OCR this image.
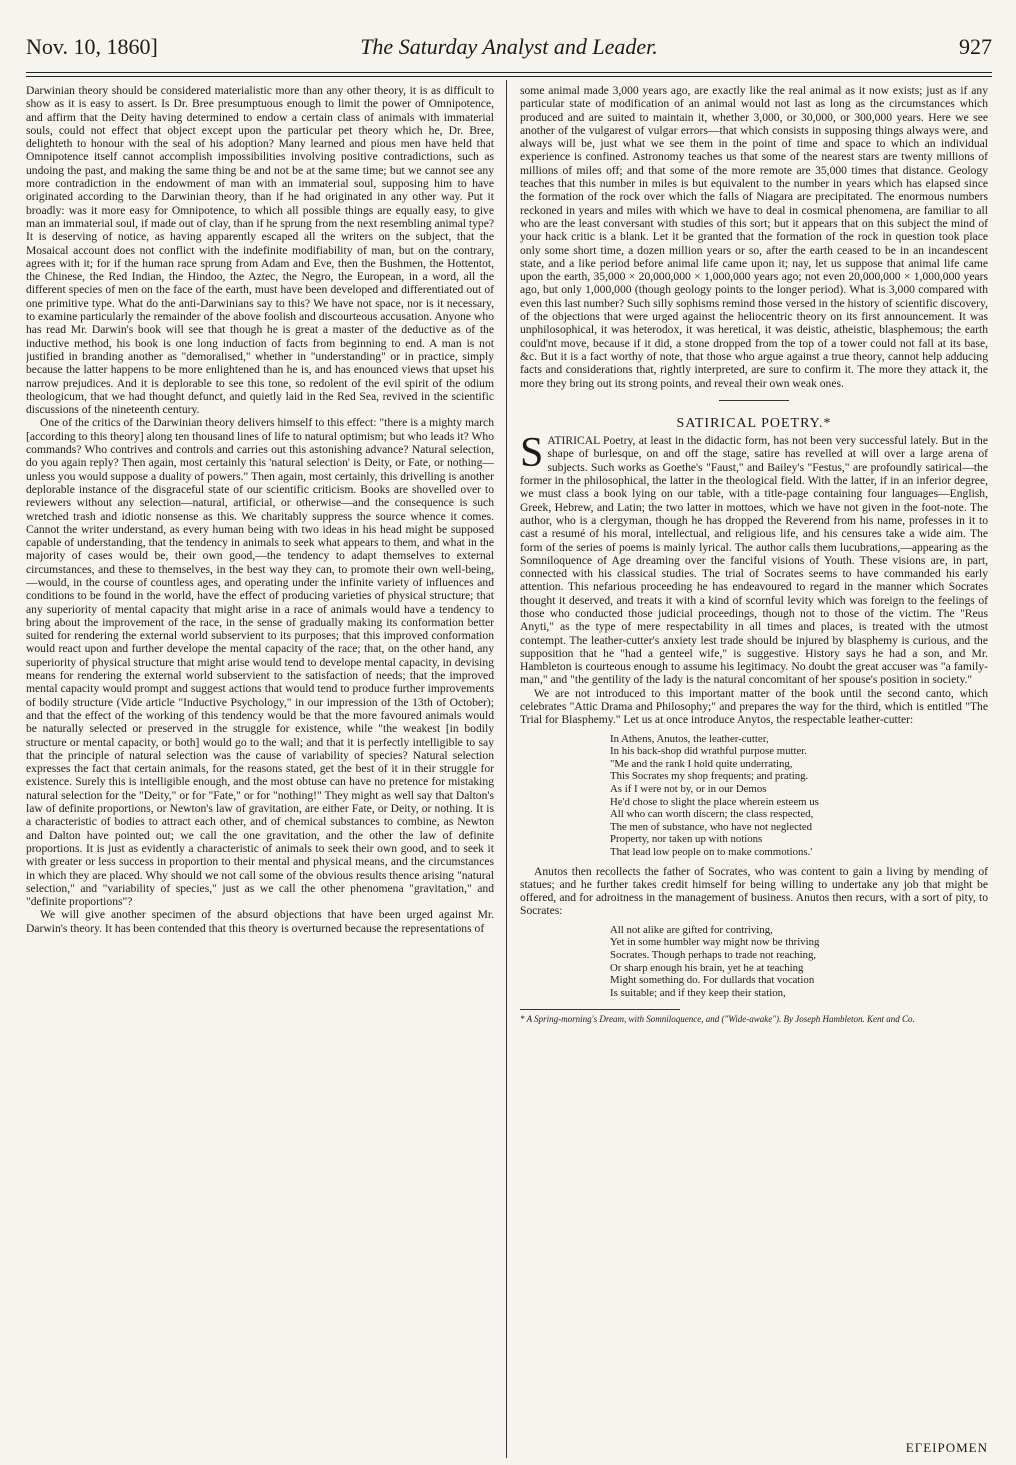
Nov. 10, 1860]	The Saturday Analyst and Leader.	927

Darwinian theory should be considered materialistic more than any other theory, it is as difficult to show as it is easy to assert. Is Dr. Bree presumptuous enough to limit the power of Omnipotence, and affirm that the Deity having determined to endow a certain class of animals with immaterial souls, could not effect that object except upon the particular pet theory which he, Dr. Bree, delighteth to honour with the seal of his adoption? Many learned and pious men have held that Omnipotence itself cannot accomplish impossibilities involving positive contradictions, such as undoing the past, and making the same thing be and not be at the same time; but we cannot see any more contradiction in the endowment of man with an immaterial soul, supposing him to have originated according to the Darwinian theory, than if he had originated in any other way. Put it broadly: was it more easy for Omnipotence, to which all possible things are equally easy, to give man an immaterial soul, if made out of clay, than if he sprung from the next resembling animal type? It is deserving of notice, as having apparently escaped all the writers on the subject, that the Mosaical account does not conflict with the indefinite modifiability of man, but on the contrary, agrees with it; for if the human race sprung from Adam and Eve, then the Bushmen, the Hottentot, the Chinese, the Red Indian, the Hindoo, the Aztec, the Negro, the European, in a word, all the different species of men on the face of the earth, must have been developed and differentiated out of one primitive type. What do the anti-Darwinians say to this? We have not space, nor is it necessary, to examine particularly the remainder of the above foolish and discourteous accusation. Anyone who has read Mr. Darwin's book will see that though he is great a master of the deductive as of the inductive method, his book is one long induction of facts from beginning to end. A man is not justified in branding another as "demoralised," whether in "understanding" or in practice, simply because the latter happens to be more enlightened than he is, and has enounced views that upset his narrow prejudices. And it is deplorable to see this tone, so redolent of the evil spirit of the odium theologicum, that we had thought defunct, and quietly laid in the Red Sea, revived in the scientific discussions of the nineteenth century.

One of the critics of the Darwinian theory delivers himself to this effect: "there is a mighty march [according to this theory] along ten thousand lines of life to natural optimism; but who leads it? Who commands? Who contrives and controls and carries out this astonishing advance? Natural selection, do you again reply? Then again, most certainly this 'natural selection' is Deity, or Fate, or nothing—unless you would suppose a duality of powers." Then again, most certainly, this drivelling is another deplorable instance of the disgraceful state of our scientific criticism. Books are shovelled over to reviewers without any selection—natural, artificial, or otherwise—and the consequence is such wretched trash and idiotic nonsense as this. We charitably suppress the source whence it comes. Cannot the writer understand, as every human being with two ideas in his head might be supposed capable of understanding, that the tendency in animals to seek what appears to them, and what in the majority of cases would be, their own good,—the tendency to adapt themselves to external circumstances, and these to themselves, in the best way they can, to promote their own well-being,—would, in the course of countless ages, and operating under the infinite variety of influences and conditions to be found in the world, have the effect of producing varieties of physical structure; that any superiority of mental capacity that might arise in a race of animals would have a tendency to bring about the improvement of the race, in the sense of gradually making its conformation better suited for rendering the external world subservient to its purposes; that this improved conformation would react upon and further develope the mental capacity of the race; that, on the other hand, any superiority of physical structure that might arise would tend to develope mental capacity, in devising means for rendering the external world subservient to the satisfaction of needs; that the improved mental capacity would prompt and suggest actions that would tend to produce further improvements of bodily structure (Vide article "Inductive Psychology," in our impression of the 13th of October); and that the effect of the working of this tendency would be that the more favoured animals would be naturally selected or preserved in the struggle for existence, while "the weakest [in bodily structure or mental capacity, or both] would go to the wall; and that it is perfectly intelligible to say that the principle of natural selection was the cause of variability of species? Natural selection expresses the fact that certain animals, for the reasons stated, get the best of it in their struggle for existence. Surely this is intelligible enough, and the most obtuse can have no pretence for mistaking natural selection for the "Deity," or for "Fate," or for "nothing!" They might as well say that Dalton's law of definite proportions, or Newton's law of gravitation, are either Fate, or Deity, or nothing. It is a characteristic of bodies to attract each other, and of chemical substances to combine, as Newton and Dalton have pointed out; we call the one gravitation, and the other the law of definite proportions. It is just as evidently a characteristic of animals to seek their own good, and to seek it with greater or less success in proportion to their mental and physical means, and the circumstances in which they are placed. Why should we not call some of the obvious results thence arising "natural selection," and "variability of species," just as we call the other phenomena "gravitation," and "definite proportions"?

We will give another specimen of the absurd objections that have been urged against Mr. Darwin's theory. It has been contended that this theory is overturned because the representations of

some animal made 3,000 years ago, are exactly like the real animal as it now exists; just as if any particular state of modification of an animal would not last as long as the circumstances which produced and are suited to maintain it, whether 3,000, or 30,000, or 300,000 years. Here we see another of the vulgarest of vulgar errors—that which consists in supposing things always were, and always will be, just what we see them in the point of time and space to which an individual experience is confined. Astronomy teaches us that some of the nearest stars are twenty millions of millions of miles off; and that some of the more remote are 35,000 times that distance. Geology teaches that this number in miles is but equivalent to the number in years which has elapsed since the formation of the rock over which the falls of Niagara are precipitated. The enormous numbers reckoned in years and miles with which we have to deal in cosmical phenomena, are familiar to all who are the least conversant with studies of this sort; but it appears that on this subject the mind of your hack critic is a blank. Let it be granted that the formation of the rock in question took place only some short time, a dozen million years or so, after the earth ceased to be in an incandescent state, and a like period before animal life came upon it; nay, let us suppose that animal life came upon the earth, 35,000 × 20,000,000 × 1,000,000 years ago; not even 20,000,000 × 1,000,000 years ago, but only 1,000,000 (though geology points to the longer period). What is 3,000 compared with even this last number? Such silly sophisms remind those versed in the history of scientific discovery, of the objections that were urged against the heliocentric theory on its first announcement. It was unphilosophical, it was heterodox, it was heretical, it was deistic, atheistic, blasphemous; the earth could'nt move, because if it did, a stone dropped from the top of a tower could not fall at its base, &c. But it is a fact worthy of note, that those who argue against a true theory, cannot help adducing facts and considerations that, rightly interpreted, are sure to confirm it. The more they attack it, the more they bring out its strong points, and reveal their own weak ones.

SATIRICAL POETRY.*

SATIRICAL Poetry, at least in the didactic form, has not been very successful lately. But in the shape of burlesque, on and off the stage, satire has revelled at will over a large arena of subjects. Such works as Goethe's "Faust," and Bailey's "Festus," are profoundly satirical—the former in the philosophical, the latter in the theological field. With the latter, if in an inferior degree, we must class a book lying on our table, with a title-page containing four languages—English, Greek, Hebrew, and Latin; the two latter in mottoes, which we have not given in the foot-note. The author, who is a clergyman, though he has dropped the Reverend from his name, professes in it to cast a resumé of his moral, intellectual, and religious life, and his censures take a wide aim. The form of the series of poems is mainly lyrical. The author calls them lucubrations,—appearing as the Somniloquence of Age dreaming over the fanciful visions of Youth. These visions are, in part, connected with his classical studies. The trial of Socrates seems to have commanded his early attention. This nefarious proceeding he has endeavoured to regard in the manner which Socrates thought it deserved, and treats it with a kind of scornful levity which was foreign to the feelings of those who conducted those judicial proceedings, though not to those of the victim. The "Reus Anyti," as the type of mere respectability in all times and places, is treated with the utmost contempt. The leather-cutter's anxiety lest trade should be injured by blasphemy is curious, and the supposition that he "had a genteel wife," is suggestive. History says he had a son, and Mr. Hambleton is courteous enough to assume his legitimacy. No doubt the great accuser was "a family-man," and "the gentility of the lady is the natural concomitant of her spouse's position in society."

We are not introduced to this important matter of the book until the second canto, which celebrates "Attic Drama and Philosophy;" and prepares the way for the third, which is entitled "The Trial for Blasphemy." Let us at once introduce Anytos, the respectable leather-cutter:

In Athens, Anutos, the leather-cutter,
In his back-shop did wrathful purpose mutter.
"Me and the rank I hold quite underrating,
This Socrates my shop frequents; and prating.
As if I were not by, or in our Demos
He'd chose to slight the place wherein esteem us
All who can worth discern; the class respected,
The men of substance, who have not neglected
Property, nor taken up with notions
That lead low people on to make commotions.'

Anutos then recollects the father of Socrates, who was content to gain a living by mending of statues; and he further takes credit himself for being willing to undertake any job that might be offered, and for adroitness in the management of business. Anutos then recurs, with a sort of pity, to Socrates:

All not alike are gifted for contriving,
Yet in some humbler way might now be thriving
Socrates. Though perhaps to trade not reaching,
Or sharp enough his brain, yet he at teaching
Might something do. For dullards that vocation
Is suitable; and if they keep their station,
* A Spring-morning's Dream, with Somniloquence, and ("Wide-awake"). By Joseph Hambleton. Kent and Co.
ΕΓΕΙΡΟΜΕΝ
